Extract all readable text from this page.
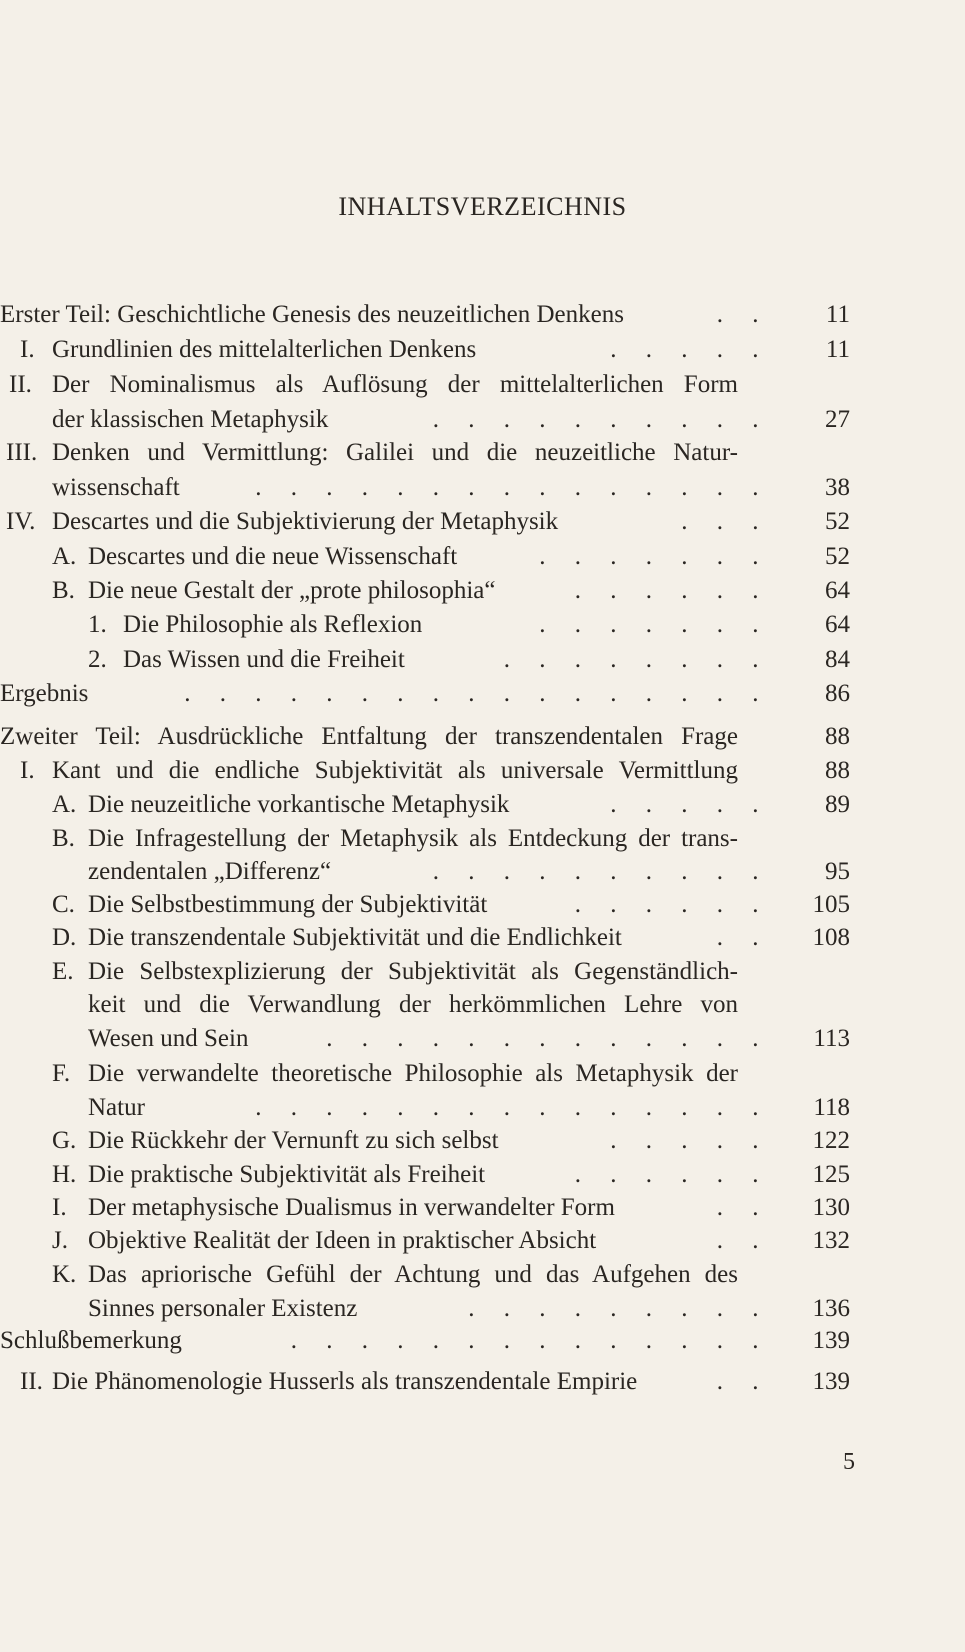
INHALTSVERZEICHNIS
Erster Teil: Geschichtliche Genesis des neuzeitlichen Denkens	. . 11
I. Grundlinien des mittelalterlichen Denkens	. . . . . 11
II. Der Nominalismus als Auflösung der mittelalterlichen Form
der klassischen Metaphysik	. . . . . . . . . . 27
III. Denken und Vermittlung: Galilei und die neuzeitliche Natur-
wissenschaft	. . . . . . . . . . . . . . . 38
IV. Descartes und die Subjektivierung der Metaphysik	. . . 52
A. Descartes und die neue Wissenschaft	. . . . . . . 52
B. Die neue Gestalt der „prote philosophia“	. . . . . . 64
1. Die Philosophie als Reflexion	. . . . . . . 64
2. Das Wissen und die Freiheit	. . . . . . . . 84
Ergebnis	. . . . . . . . . . . . . . . . . 86
Zweiter Teil: Ausdrückliche Entfaltung der transzendentalen Frage	88
I. Kant und die endliche Subjektivität als universale Vermittlung	88
A. Die neuzeitliche vorkantische Metaphysik	. . . . . 89
B. Die Infragestellung der Metaphysik als Entdeckung der trans-
zendentalen „Differenz“	. . . . . . . . . . 95
C. Die Selbstbestimmung der Subjektivität	. . . . . . 105
D. Die transzendentale Subjektivität und die Endlichkeit	. . 108
E. Die Selbstexplizierung der Subjektivität als Gegenständlich-
keit und die Verwandlung der herkömmlichen Lehre von
Wesen und Sein	. . . . . . . . . . . . . 113
F. Die verwandelte theoretische Philosophie als Metaphysik der
Natur	. . . . . . . . . . . . . . . 118
G. Die Rückkehr der Vernunft zu sich selbst	. . . . . 122
H. Die praktische Subjektivität als Freiheit	. . . . . . 125
I. Der metaphysische Dualismus in verwandelter Form	. . 130
J. Objektive Realität der Ideen in praktischer Absicht	. . 132
K. Das apriorische Gefühl der Achtung und das Aufgehen des
Sinnes personaler Existenz	. . . . . . . . . 136
Schlußbemerkung	. . . . . . . . . . . . . . 139
II. Die Phänomenologie Husserls als transzendentale Empirie	. . 139
5
